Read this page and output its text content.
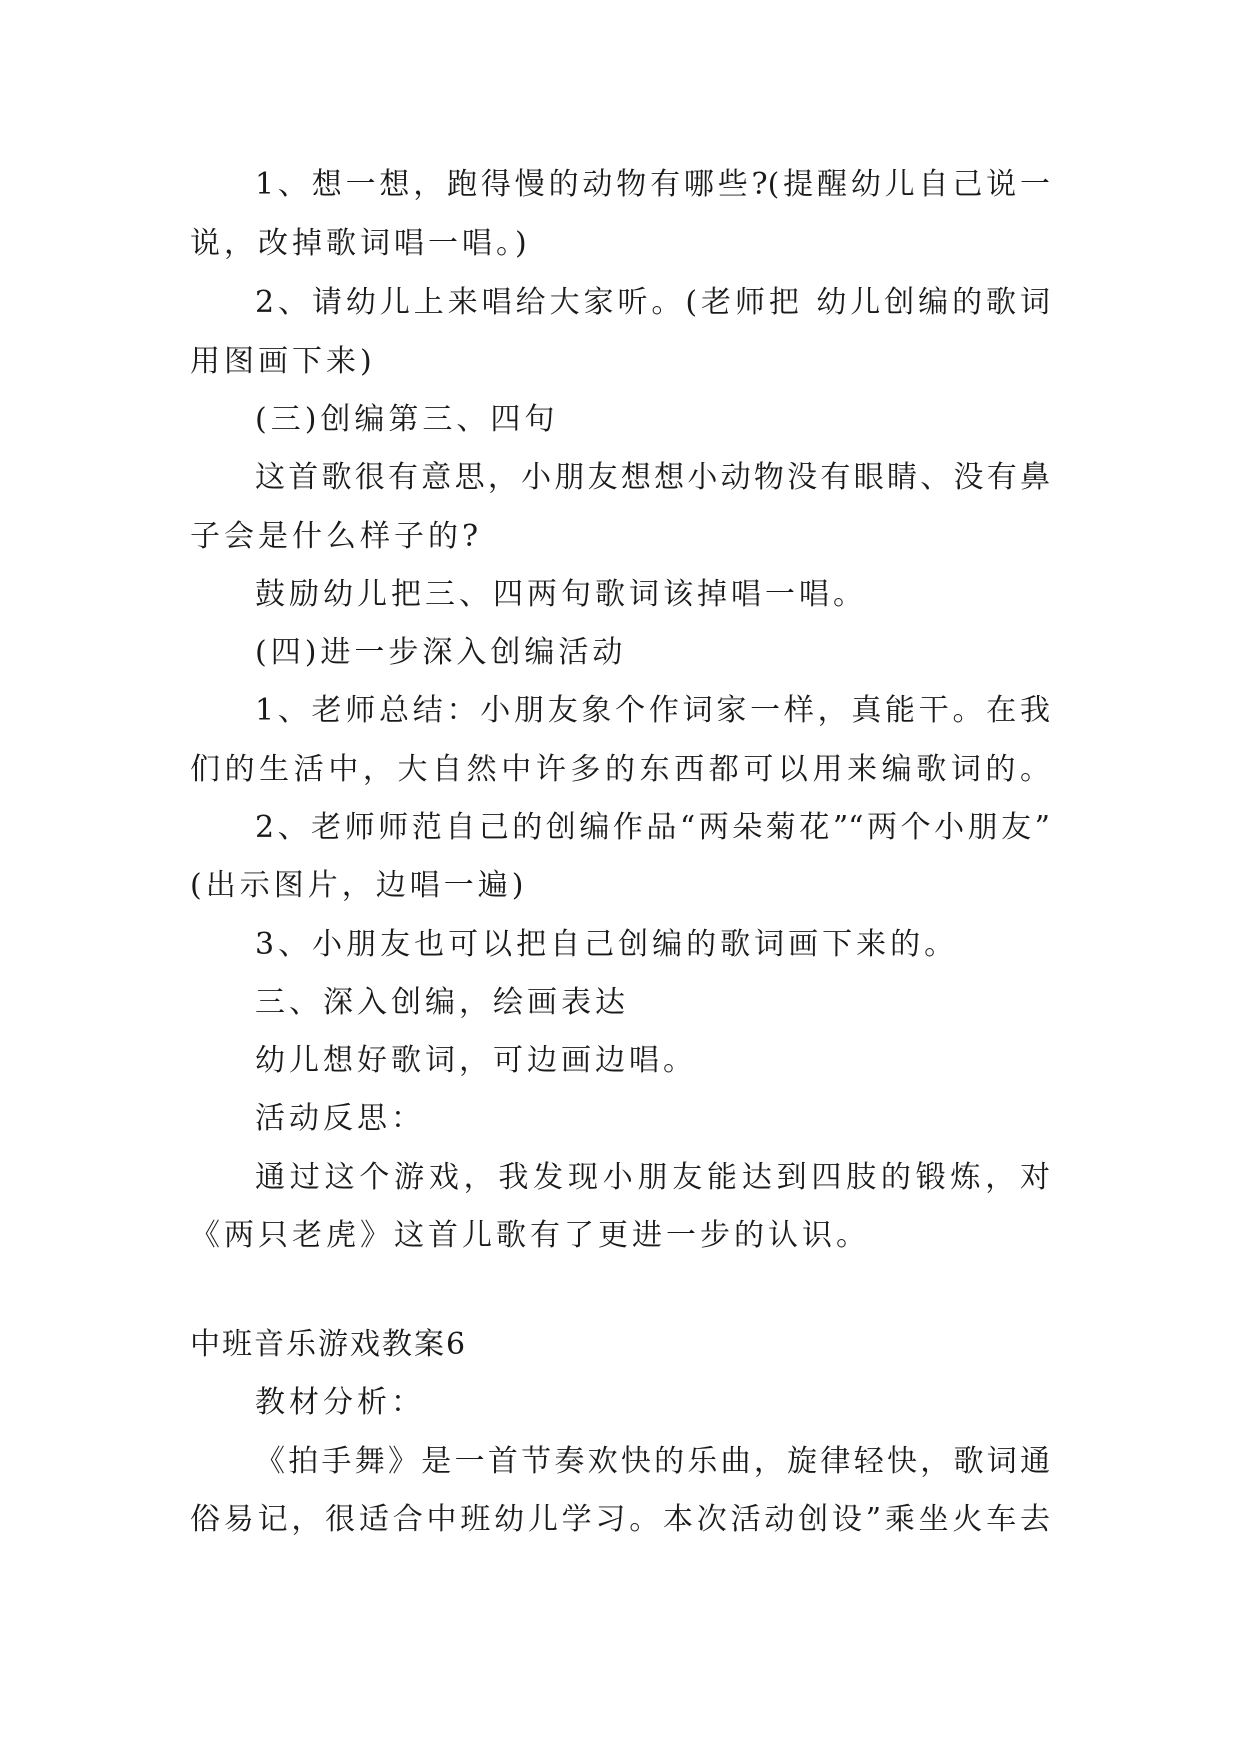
1、想一想，跑得慢的动物有哪些?(提醒幼儿自己说一
说，改掉歌词唱一唱。)
2、请幼儿上来唱给大家听。(老师把 幼儿创编的歌词
用图画下来)
(三)创编第三、四句
这首歌很有意思，小朋友想想小动物没有眼睛、没有鼻
子会是什么样子的?
鼓励幼儿把三、四两句歌词该掉唱一唱。
(四)进一步深入创编活动
1、老师总结：小朋友象个作词家一样，真能干。在我
们的生活中，大自然中许多的东西都可以用来编歌词的。
2、老师师范自己的创编作品“两朵菊花”“两个小朋友”
(出示图片，边唱一遍)
3、小朋友也可以把自己创编的歌词画下来的。
三、深入创编，绘画表达
幼儿想好歌词，可边画边唱。
活动反思：
通过这个游戏，我发现小朋友能达到四肢的锻炼，对
《两只老虎》这首儿歌有了更进一步的认识。
中班音乐游戏教案6
教材分析：
《拍手舞》是一首节奏欢快的乐曲，旋律轻快，歌词通
俗易记，很适合中班幼儿学习。本次活动创设”乘坐火车去
